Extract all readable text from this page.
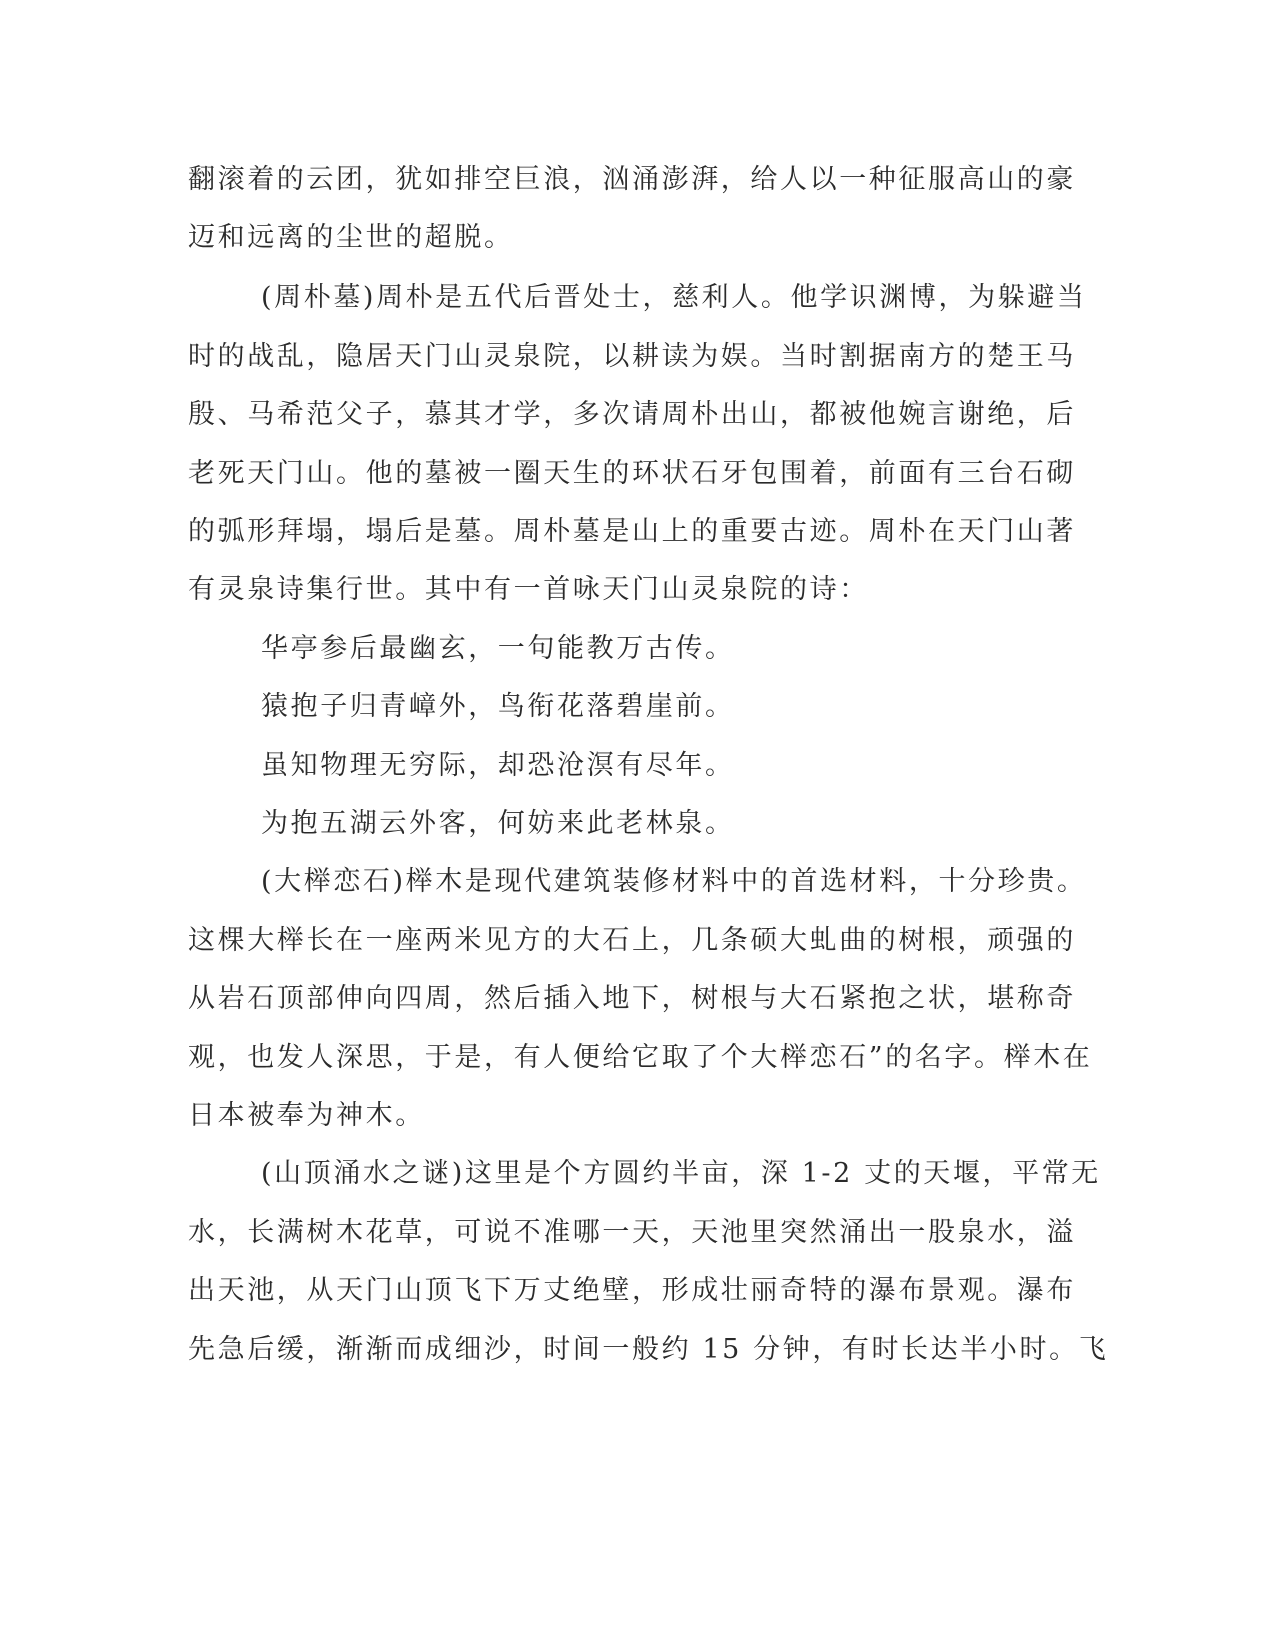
翻滚着的云团，犹如排空巨浪，汹涌澎湃，给人以一种征服高山的豪
迈和远离的尘世的超脱。
(周朴墓)周朴是五代后晋处士，慈利人。他学识渊博，为躲避当
时的战乱，隐居天门山灵泉院，以耕读为娱。当时割据南方的楚王马
殷、马希范父子，慕其才学，多次请周朴出山，都被他婉言谢绝，后
老死天门山。他的墓被一圈天生的环状石牙包围着，前面有三台石砌
的弧形拜塌，塌后是墓。周朴墓是山上的重要古迹。周朴在天门山著
有灵泉诗集行世。其中有一首咏天门山灵泉院的诗：
华亭参后最幽玄，一句能教万古传。
猿抱子归青嶂外，鸟衔花落碧崖前。
虽知物理无穷际，却恐沧溟有尽年。
为抱五湖云外客，何妨来此老林泉。
(大榉恋石)榉木是现代建筑装修材料中的首选材料，十分珍贵。
这棵大榉长在一座两米见方的大石上，几条硕大虬曲的树根，顽强的
从岩石顶部伸向四周，然后插入地下，树根与大石紧抱之状，堪称奇
观，也发人深思，于是，有人便给它取了个大榉恋石”的名字。榉木在
日本被奉为神木。
(山顶涌水之谜)这里是个方圆约半亩，深 1-2 丈的天堰，平常无
水，长满树木花草，可说不准哪一天，天池里突然涌出一股泉水，溢
出天池，从天门山顶飞下万丈绝壁，形成壮丽奇特的瀑布景观。瀑布
先急后缓，渐渐而成细沙，时间一般约 15 分钟，有时长达半小时。飞
